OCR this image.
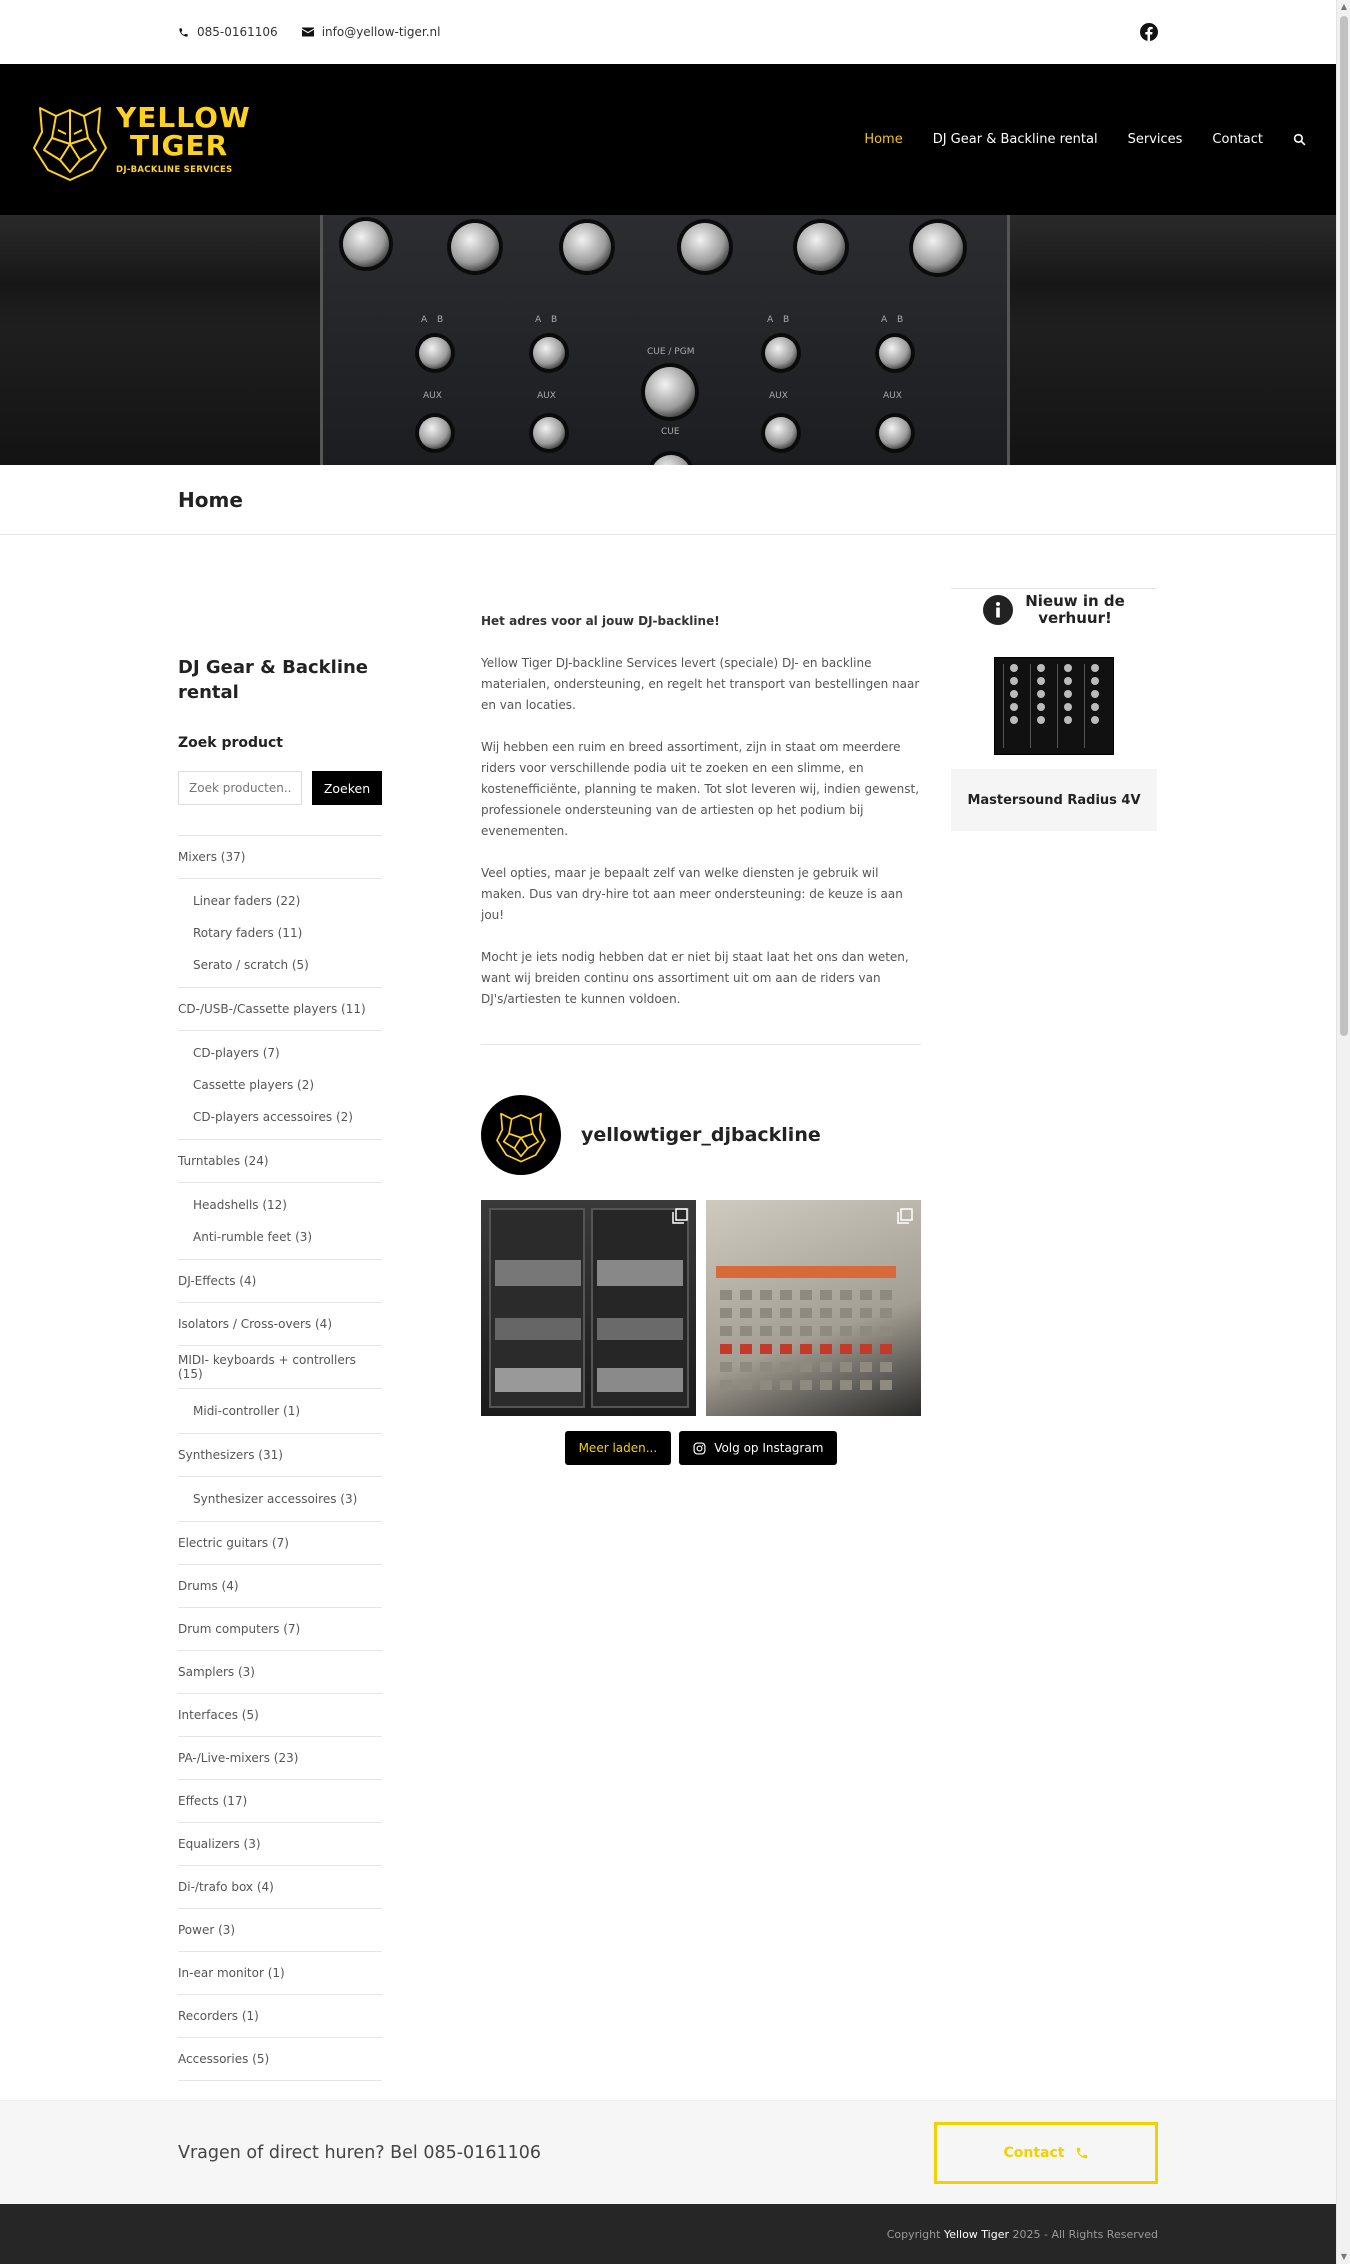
085-0161106	info@yellow-tiger.nl
YELLOW
TIGER
DJ-BACKLINE SERVICES
Home DJ Gear & Backline rental Services Contact
A B	A B
CUE / PGM
A B	A B
AUX	AUX
CUE
AUX	AUX
Home
DJ Gear & Backline rental
Zoek product
Zoek producten...
Zoeken
Mixers (37)
Linear faders (22)
Rotary faders (11)
Serato / scratch (5)
CD-/USB-/Cassette players (11)
CD-players (7)
Cassette players (2)
CD-players accessoires (2)
Turntables (24)
Headshells (12)
Anti-rumble feet (3)
DJ-Effects (4)
Isolators / Cross-overs (4)
MIDI- keyboards + controllers (15)
Midi-controller (1)
Synthesizers (31)
Synthesizer accessoires (3)
Electric guitars (7)
Drums (4)
Drum computers (7)
Samplers (3)
Interfaces (5)
PA-/Live-mixers (23)
Effects (17)
Equalizers (3)
Di-/trafo box (4)
Power (3)
In-ear monitor (1)
Recorders (1)
Accessories (5)

Het adres voor al jouw DJ-backline!

Yellow Tiger DJ-backline Services levert (speciale) DJ- en backline materialen, ondersteuning, en regelt het transport van bestellingen naar en van locaties.

Wij hebben een ruim en breed assortiment, zijn in staat om meerdere riders voor verschillende podia uit te zoeken en een slimme, en kostenefficiënte, planning te maken. Tot slot leveren wij, indien gewenst, professionele ondersteuning van de artiesten op het podium bij evenementen.

Veel opties, maar je bepaalt zelf van welke diensten je gebruik wil maken. Dus van dry-hire tot aan meer ondersteuning: de keuze is aan jou!

Mocht je iets nodig hebben dat er niet bij staat laat het ons dan weten, want wij breiden continu ons assortiment uit om aan de riders van DJ's/artiesten te kunnen voldoen.

yellowtiger_djbackline
Meer laden...	Volg op Instagram
Nieuw in de verhuur!
Mastersound Radius 4V
Vragen of direct huren? Bel 085-0161106	Contact
Copyright
Yellow Tiger
2025 - All Rights Reserved
▲
▼
